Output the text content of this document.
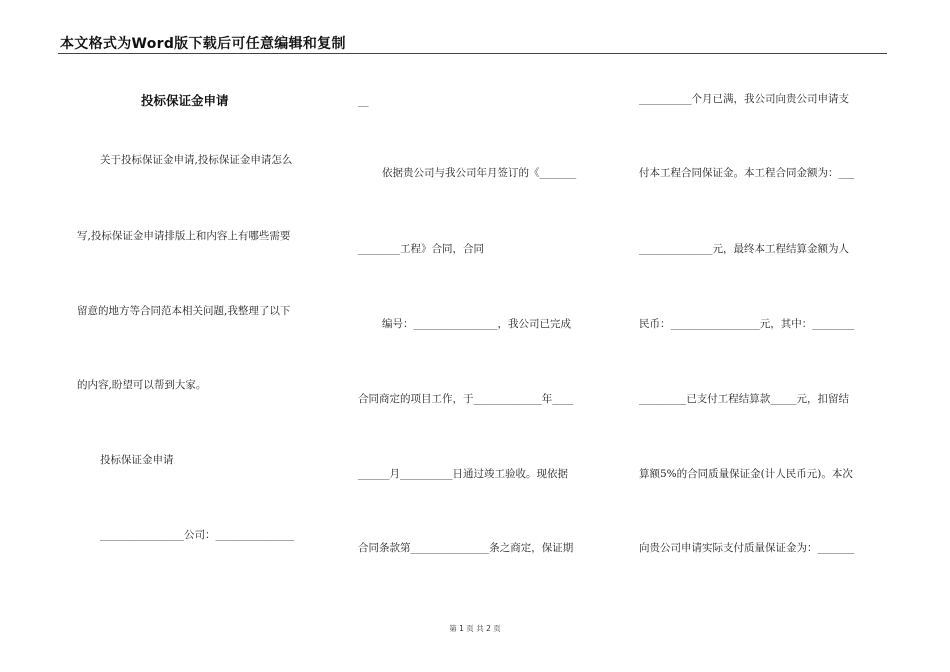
本文格式为Word版下载后可任意编辑和复制
投标保证金申请
关于投标保证金申请,投标保证金申请怎么
写,投标保证金申请排版上和内容上有哪些需要
留意的地方等合同范本相关问题,我整理了以下
的内容,盼望可以帮到大家。
投标保证金申请
________________公司：_______________
__
依据贵公司与我公司年月签订的《_______
________工程》合同，合同
编号：________________，我公司已完成
合同商定的项目工作，于_____________年____
______月__________日通过竣工验收。现依据
合同条款第_______________条之商定，保证期
__________个月已满，我公司向贵公司申请支
付本工程合同保证金。本工程合同金额为：___
______________元，最终本工程结算金额为人
民币：_________________元，其中：________
_________已支付工程结算款_____元，扣留结
算额5%的合同质量保证金(计人民币元)。本次
向贵公司申请实际支付质量保证金为：_______
第 1 页 共 2 页
